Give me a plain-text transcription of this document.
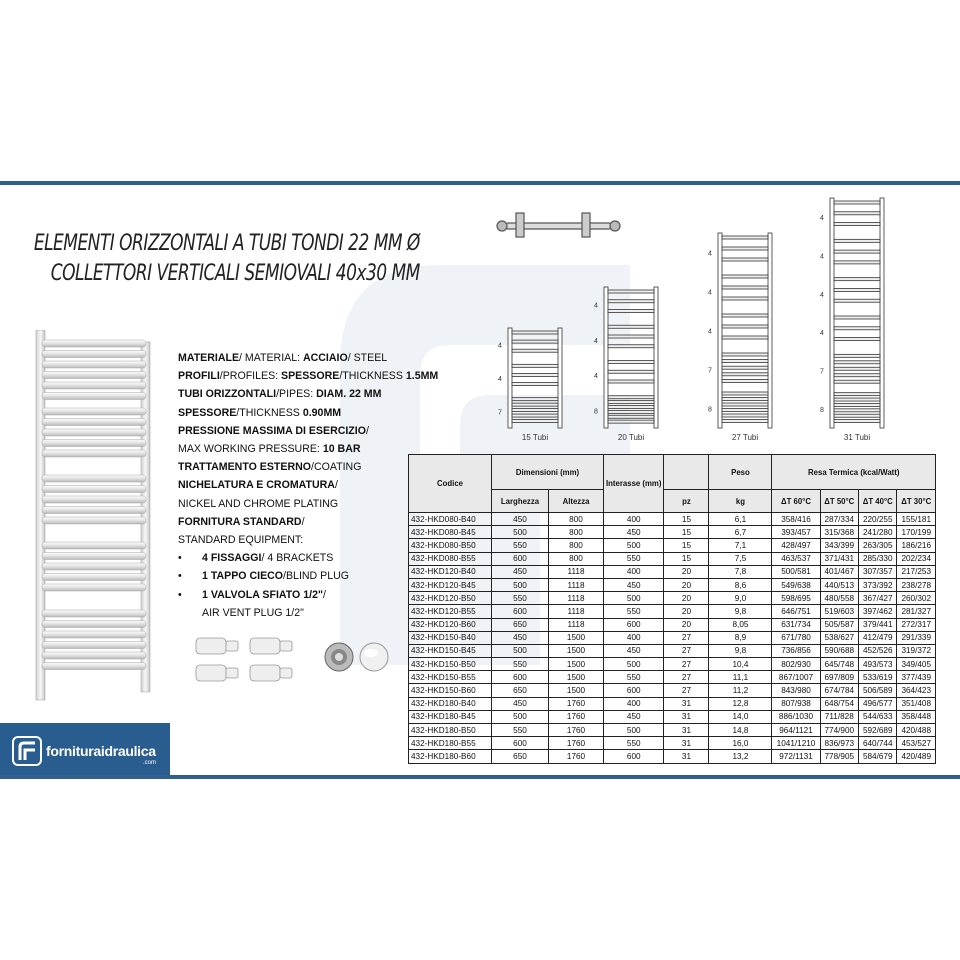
ELEMENTI ORIZZONTALI A TUBI TONDI 22 MM Ø
COLLETTORI VERTICALI SEMIOVALI 40x30 MM
MATERIALE/ MATERIAL: ACCIAIO/ STEEL
PROFILI/PROFILES: SPESSORE/THICKNESS 1.5MM
TUBI ORIZZONTALI/PIPES: DIAM. 22 MM
SPESSORE/THICKNESS 0.90MM
PRESSIONE MASSIMA DI ESERCIZIO/
MAX WORKING PRESSURE: 10 BAR
TRATTAMENTO ESTERNO/COATING
NICHELATURA E CROMATURA/
NICKEL AND CHROME PLATING
FORNITURA STANDARD/
STANDARD EQUIPMENT:
• 4 FISSAGGI/ 4 BRACKETS
• 1 TAPPO CIECO/BLIND PLUG
• 1 VALVOLA SFIATO 1/2"/
AIR VENT PLUG 1/2"
4
4
7
15 Tubi
4
4
4
8
20 Tubi
4
4
4
7
8
27 Tubi
4
4
4
4
7
8
31 Tubi
Codice	Dimensioni (mm)		Interasse (mm)		Peso	Resa Termica (kcal/Watt)			
	Larghezza	Altezza		pz	kg	ΔT 60°C	ΔT 50°C	ΔT 40°C	ΔT 30°C
432-HKD080-B40	450	800	400	15	6,1	358/416	287/334	220/255	155/181
432-HKD080-B45	500	800	450	15	6,7	393/457	315/368	241/280	170/199
432-HKD080-B50	550	800	500	15	7,1	428/497	343/399	263/305	186/216
432-HKD080-B55	600	800	550	15	7,5	463/537	371/431	285/330	202/234
432-HKD120-B40	450	1118	400	20	7,8	500/581	401/467	307/357	217/253
432-HKD120-B45	500	1118	450	20	8,6	549/638	440/513	373/392	238/278
432-HKD120-B50	550	1118	500	20	9,0	598/695	480/558	367/427	260/302
432-HKD120-B55	600	1118	550	20	9,8	646/751	519/603	397/462	281/327
432-HKD120-B60	650	1118	600	20	8,05	631/734	505/587	379/441	272/317
432-HKD150-B40	450	1500	400	27	8,9	671/780	538/627	412/479	291/339
432-HKD150-B45	500	1500	450	27	9,8	736/856	590/688	452/526	319/372
432-HKD150-B50	550	1500	500	27	10,4	802/930	645/748	493/573	349/405
432-HKD150-B55	600	1500	550	27	11,1	867/1007	697/809	533/619	377/439
432-HKD150-B60	650	1500	600	27	11,2	843/980	674/784	506/589	364/423
432-HKD180-B40	450	1760	400	31	12,8	807/938	648/754	496/577	351/408
432-HKD180-B45	500	1760	450	31	14,0	886/1030	711/828	544/633	358/448
432-HKD180-B50	550	1760	500	31	14,8	964/1121	774/900	592/689	420/488
432-HKD180-B55	600	1760	550	31	16,0	1041/1210	836/973	640/744	453/527
432-HKD180-B60	650	1760	600	31	13,2	972/1131	778/905	584/679	420/489
fornituraidraulica
.com
